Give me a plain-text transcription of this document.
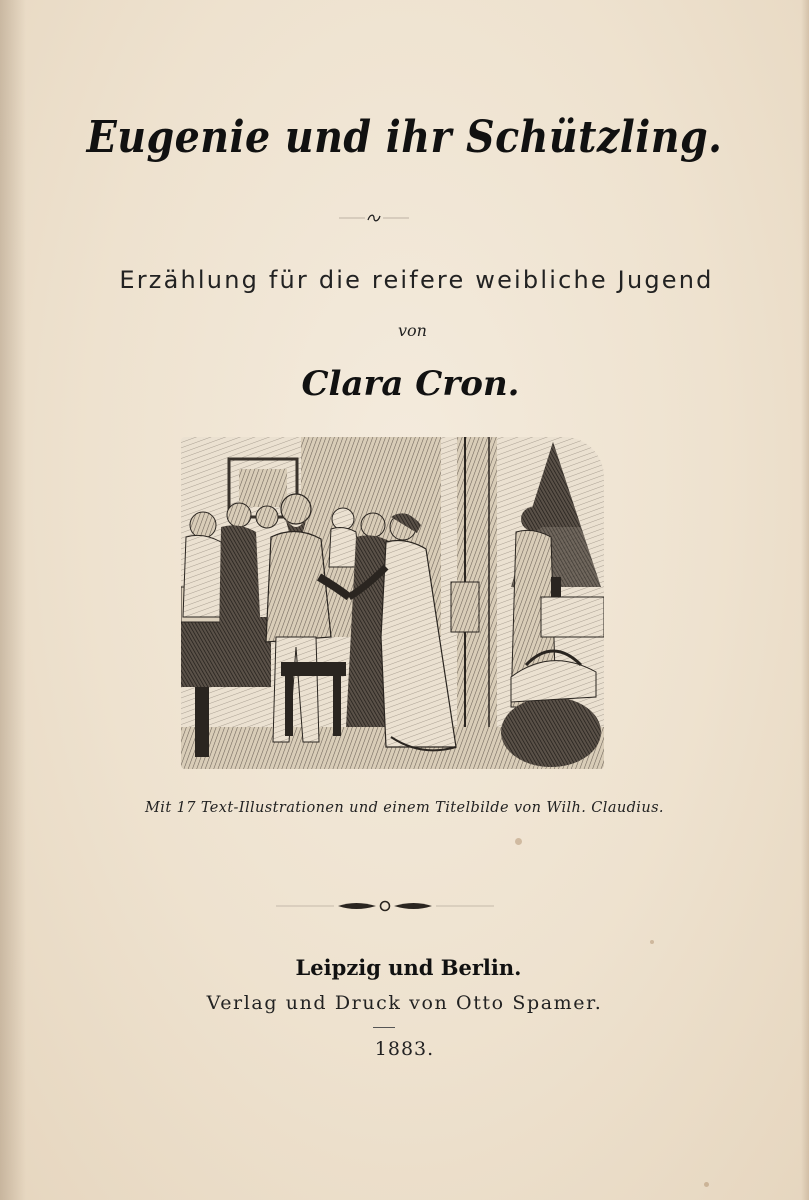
Eugenie und ihr Schützling.
Erzählung für die reifere weibliche Jugend
von
Clara Cron.
Mit 17 Text-Illustrationen und einem Titelbilde von Wilh. Claudius.
Leipzig und Berlin.
Verlag und Druck von Otto Spamer.
1883.
